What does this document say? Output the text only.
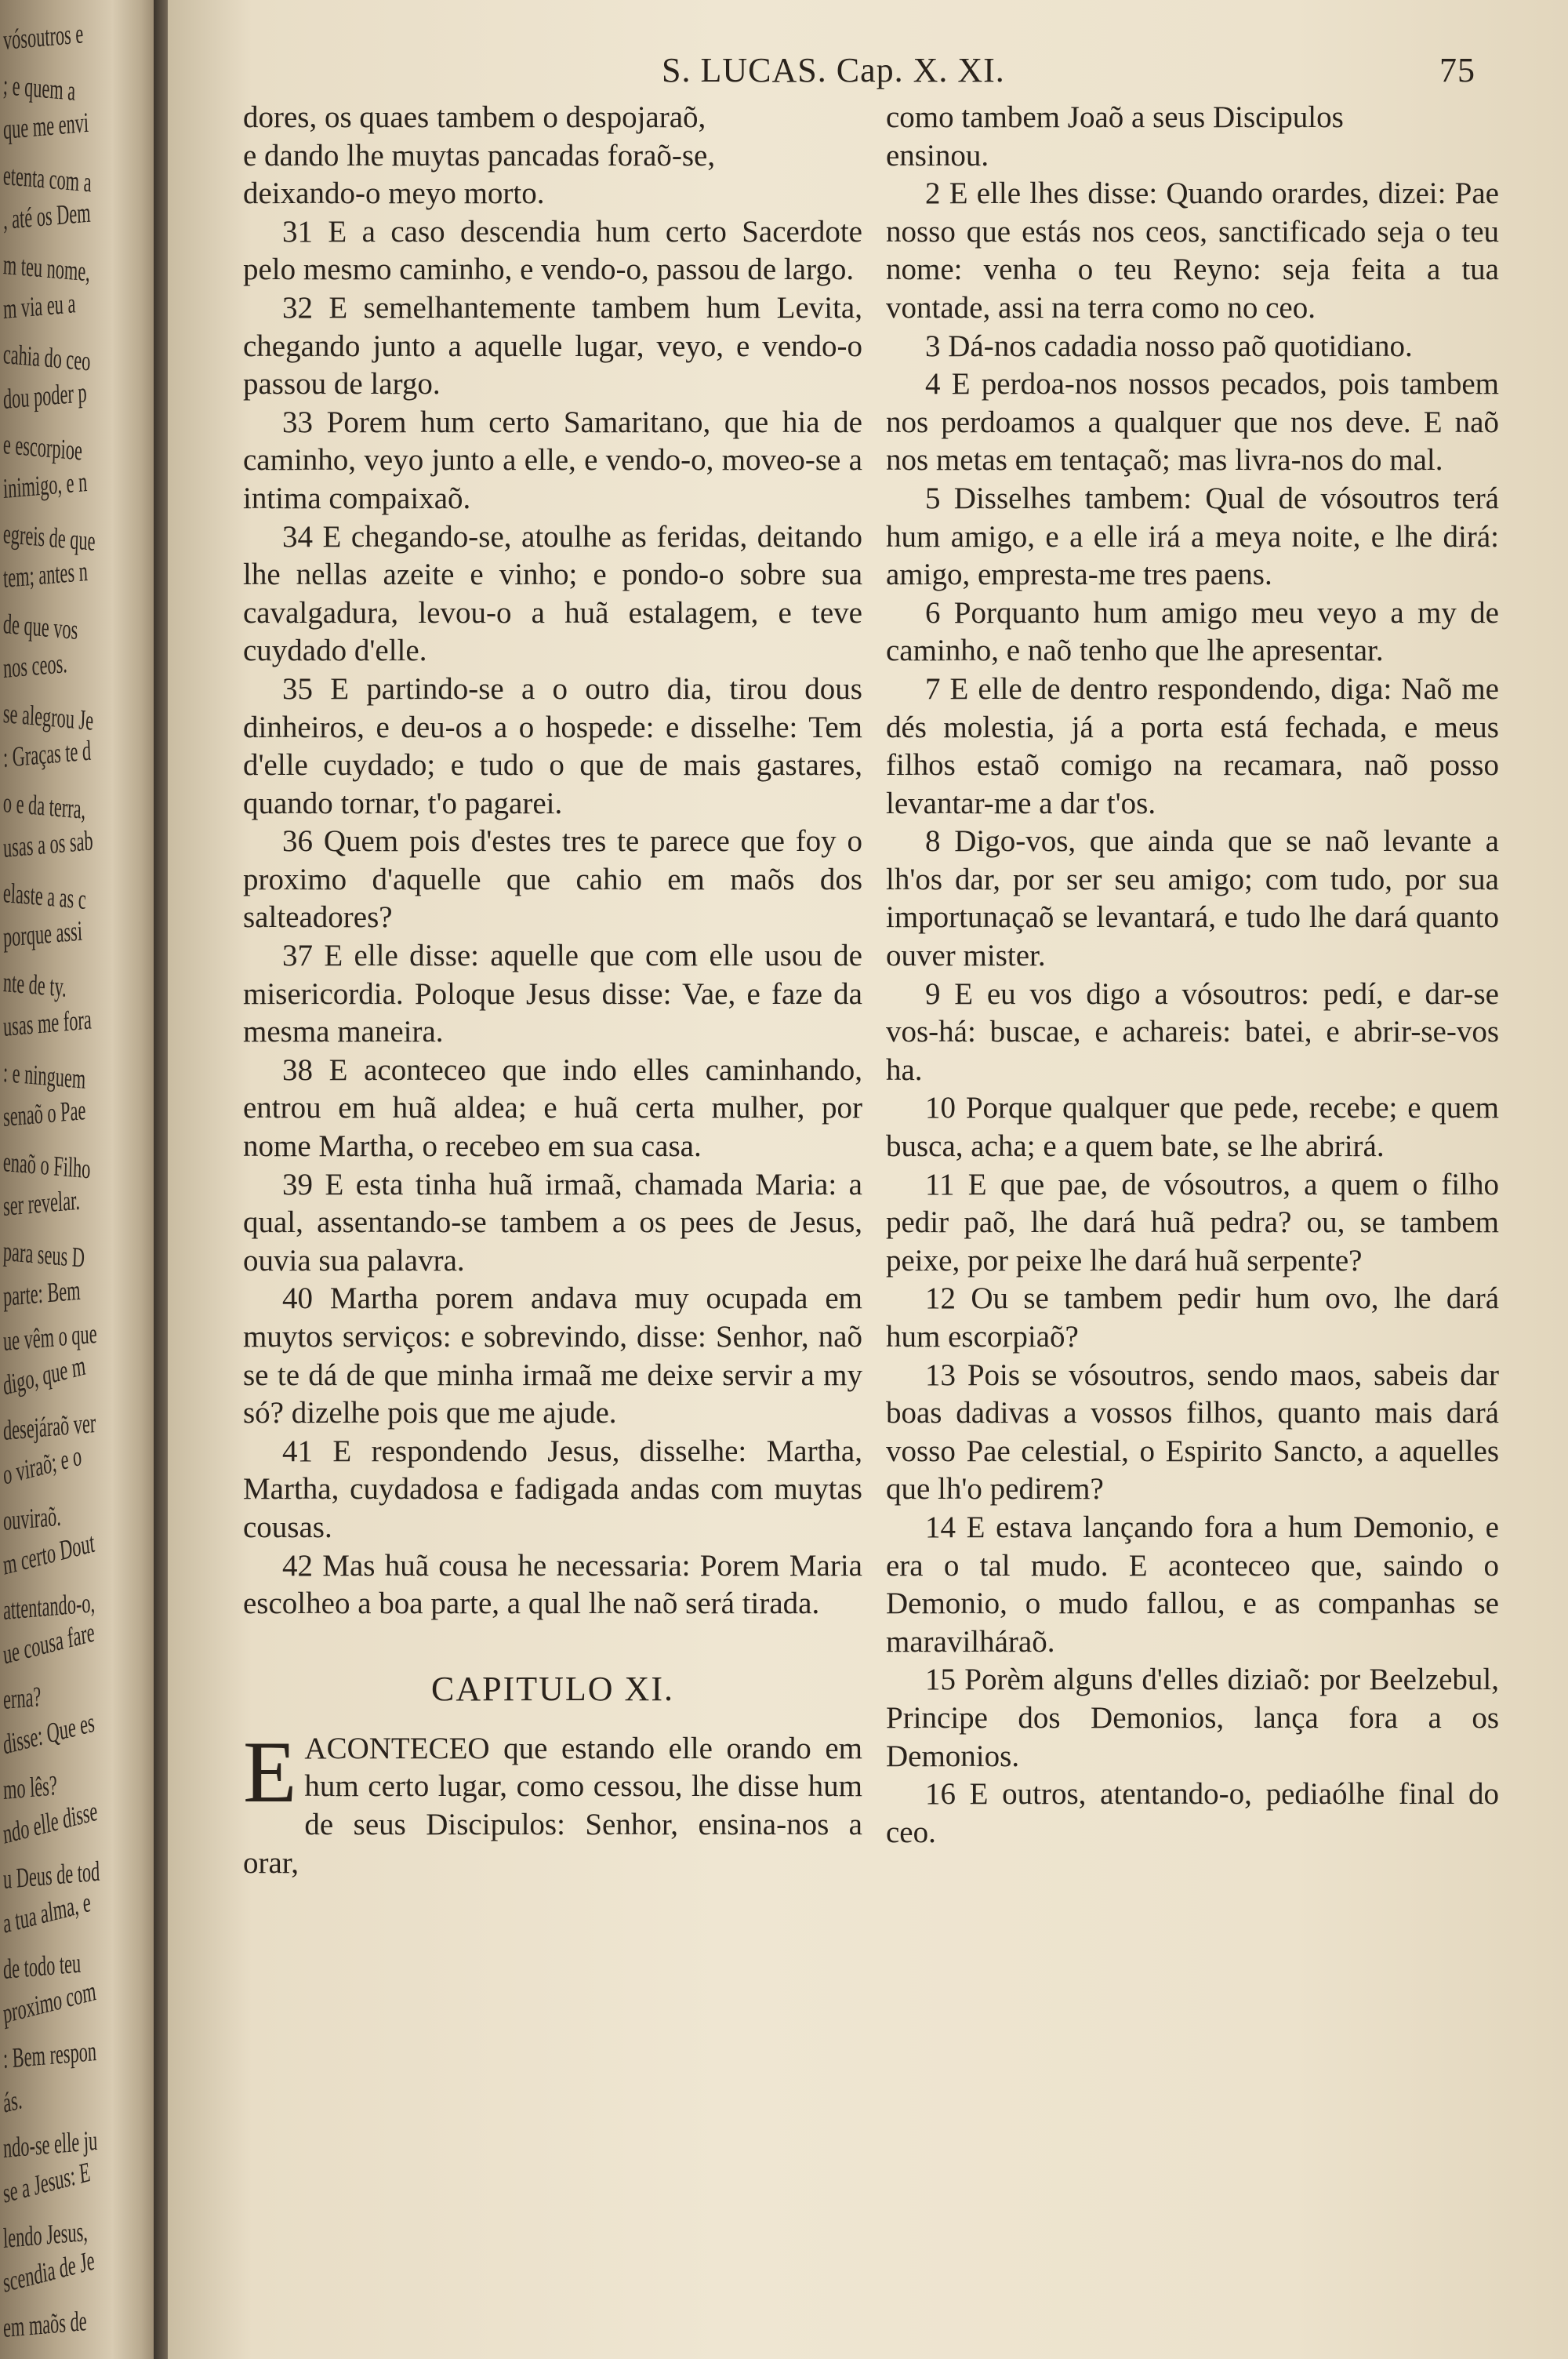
vósoutros e
; e quem a
que me envi
etenta com a
, até os Dem
m teu nome,
m via eu a
cahia do ceo
dou poder p
e escorpioe
inimigo, e n
egreis de que
tem; antes n
de que vos
nos ceos.
se alegrou Je
: Graças te d
o e da terra,
usas a os sab
elaste a as c
porque assi
nte de ty.
usas me fora
: e ninguem
senaõ o Pae
enaõ o Filho
ser revelar.
para seus D
parte: Bem
ue vêm o que
digo, que m
desejáraõ ver
o viraõ; e o
ouviraõ.
m certo Dout
attentando-o,
ue cousa fare
erna?
disse: Que es
mo lês?
ndo elle disse
u Deus de tod
a tua alma, e
de todo teu
proximo com
: Bem respon
ás.
ndo-se elle ju
se a Jesus: E
lendo Jesus,
scendia de Je
em maõs de
S. LUCAS. Cap. X. XI.	75

dores, os quaes tambem o despojaraõ,

e dando lhe muytas pancadas foraõ-se,

deixando-o meyo morto.

31 E a caso descendia hum certo Sacerdote pelo mesmo caminho, e vendo-o, passou de largo.

32 E semelhantemente tambem hum Levita, chegando junto a aquelle lugar, veyo, e vendo-o passou de largo.

33 Porem hum certo Samaritano, que hia de caminho, veyo junto a elle, e vendo-o, moveo-se a intima compaixaõ.

34 E chegando-se, atoulhe as feridas, deitando lhe nellas azeite e vinho; e pondo-o sobre sua cavalgadura, levou-o a huã estalagem, e teve cuydado d'elle.

35 E partindo-se a o outro dia, tirou dous dinheiros, e deu-os a o hospede: e disselhe: Tem d'elle cuydado; e tudo o que de mais gastares, quando tornar, t'o pagarei.

36 Quem pois d'estes tres te parece que foy o proximo d'aquelle que cahio em maõs dos salteadores?

37 E elle disse: aquelle que com elle usou de misericordia. Poloque Jesus disse: Vae, e faze da mesma maneira.

38 E aconteceo que indo elles caminhando, entrou em huã aldea; e huã certa mulher, por nome Martha, o recebeo em sua casa.

39 E esta tinha huã irmaã, chamada Maria: a qual, assentando-se tambem a os pees de Jesus, ouvia sua palavra.

40 Martha porem andava muy ocupada em muytos serviços: e sobrevindo, disse: Senhor, naõ se te dá de que minha irmaã me deixe servir a my só? dizelhe pois que me ajude.

41 E respondendo Jesus, disselhe: Martha, Martha, cuydadosa e fadigada andas com muytas cousas.

42 Mas huã cousa he necessaria: Porem Maria escolheo a boa parte, a qual lhe naõ será tirada.

CAPITULO XI.

E ACONTECEO que estando elle orando em hum certo lugar, como cessou, lhe disse hum de seus Discipulos: Senhor, ensina-nos a orar,

como tambem Joaõ a seus Discipulos

ensinou.

2 E elle lhes disse: Quando orardes, dizei: Pae nosso que estás nos ceos, sanctificado seja o teu nome: venha o teu Reyno: seja feita a tua vontade, assi na terra como no ceo.

3 Dá-nos cadadia nosso paõ quotidiano.

4 E perdoa-nos nossos pecados, pois tambem nos perdoamos a qualquer que nos deve. E naõ nos metas em tentaçaõ; mas livra-nos do mal.

5 Disselhes tambem: Qual de vósoutros terá hum amigo, e a elle irá a meya noite, e lhe dirá: amigo, empresta-me tres paens.

6 Porquanto hum amigo meu veyo a my de caminho, e naõ tenho que lhe apresentar.

7 E elle de dentro respondendo, diga: Naõ me dés molestia, já a porta está fechada, e meus filhos estaõ comigo na recamara, naõ posso levantar-me a dar t'os.

8 Digo-vos, que ainda que se naõ levante a lh'os dar, por ser seu amigo; com tudo, por sua importunaçaõ se levantará, e tudo lhe dará quanto ouver mister.

9 E eu vos digo a vósoutros: pedí, e dar-se vos-há: buscae, e achareis: batei, e abrir-se-vos ha.

10 Porque qualquer que pede, recebe; e quem busca, acha; e a quem bate, se lhe abrirá.

11 E que pae, de vósoutros, a quem o filho pedir paõ, lhe dará huã pedra? ou, se tambem peixe, por peixe lhe dará huã serpente?

12 Ou se tambem pedir hum ovo, lhe dará hum escorpiaõ?

13 Pois se vósoutros, sendo maos, sabeis dar boas dadivas a vossos filhos, quanto mais dará vosso Pae celestial, o Espirito Sancto, a aquelles que lh'o pedirem?

14 E estava lançando fora a hum Demonio, e era o tal mudo. E aconteceo que, saindo o Demonio, o mudo fallou, e as companhas se maravilháraõ.

15 Porèm alguns d'elles diziaõ: por Beelzebul, Principe dos Demonios, lança fora a os Demonios.

16 E outros, atentando-o, pediaólhe final do ceo.
